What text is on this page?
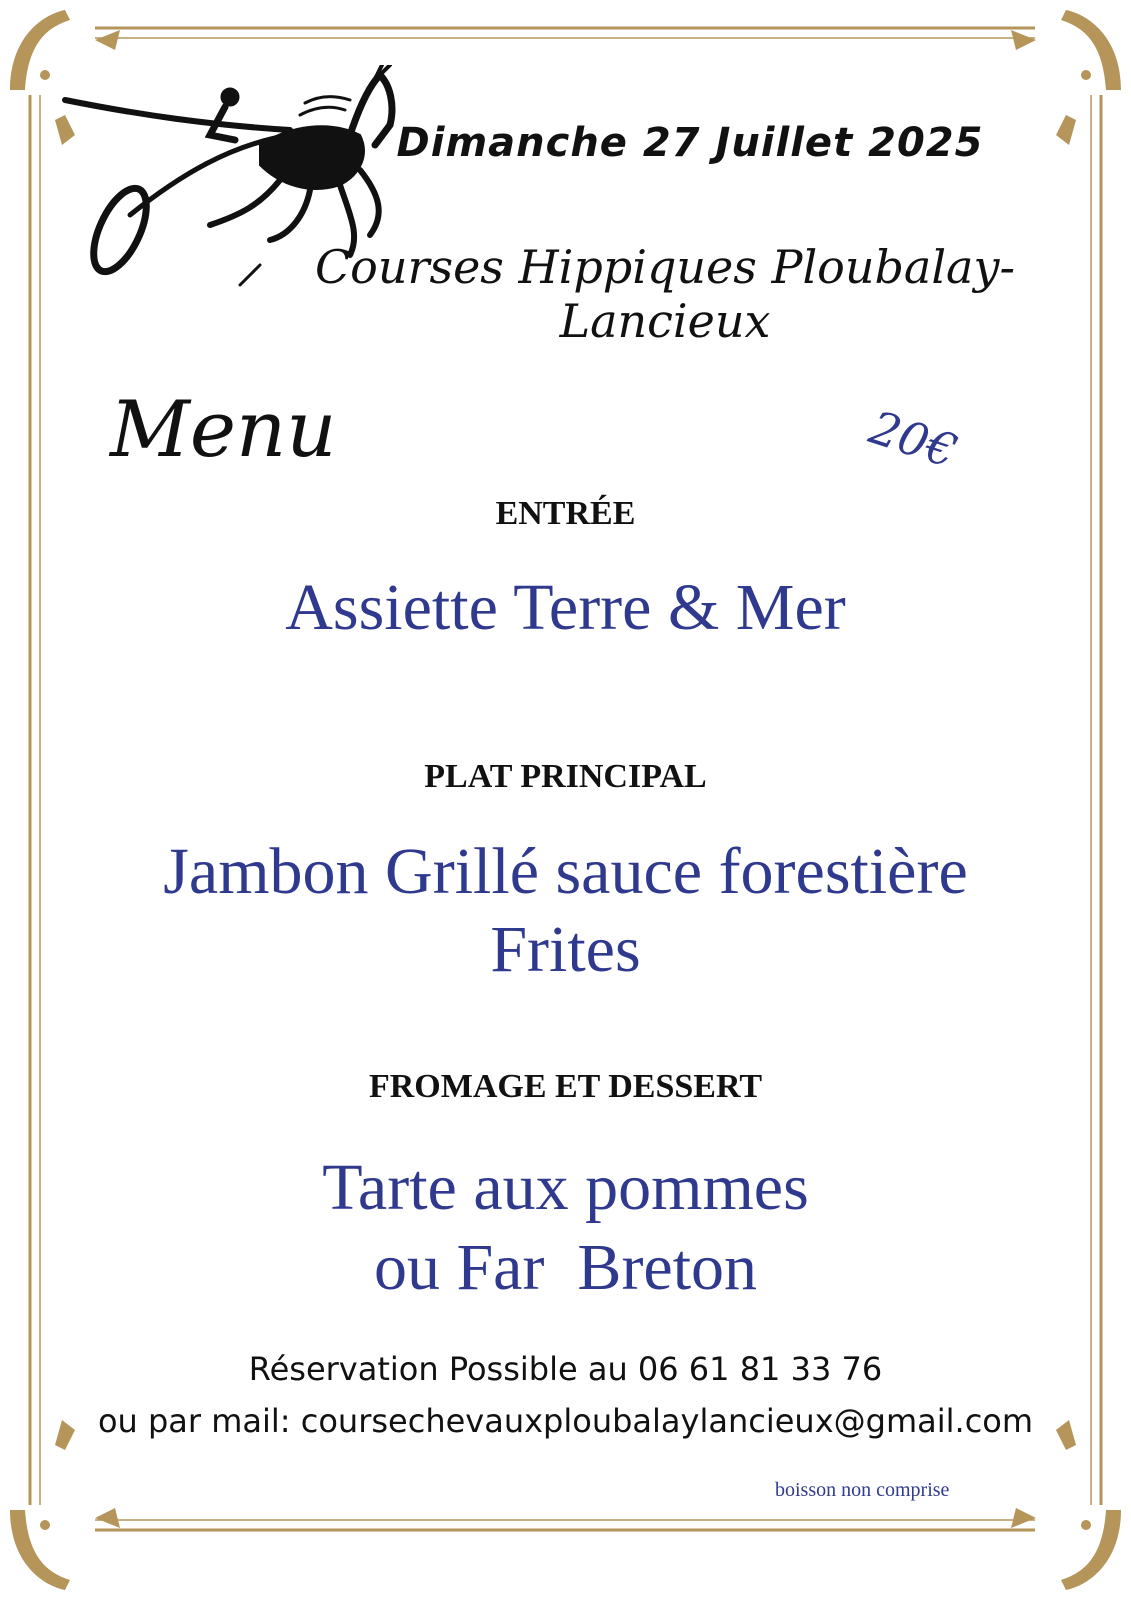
Dimanche 27 Juillet 2025
Courses Hippiques Ploubalay- Lancieux
Menu	20€
ENTRÉE
Assiette Terre & Mer
PLAT PRINCIPAL
Jambon Grillé sauce forestière
Frites
FROMAGE ET DESSERT
Tarte aux pommes
ou Far  Breton
Réservation Possible au 06 61 81 33 76
ou par mail: coursechevauxploubalaylancieux@gmail.com
boisson non comprise
